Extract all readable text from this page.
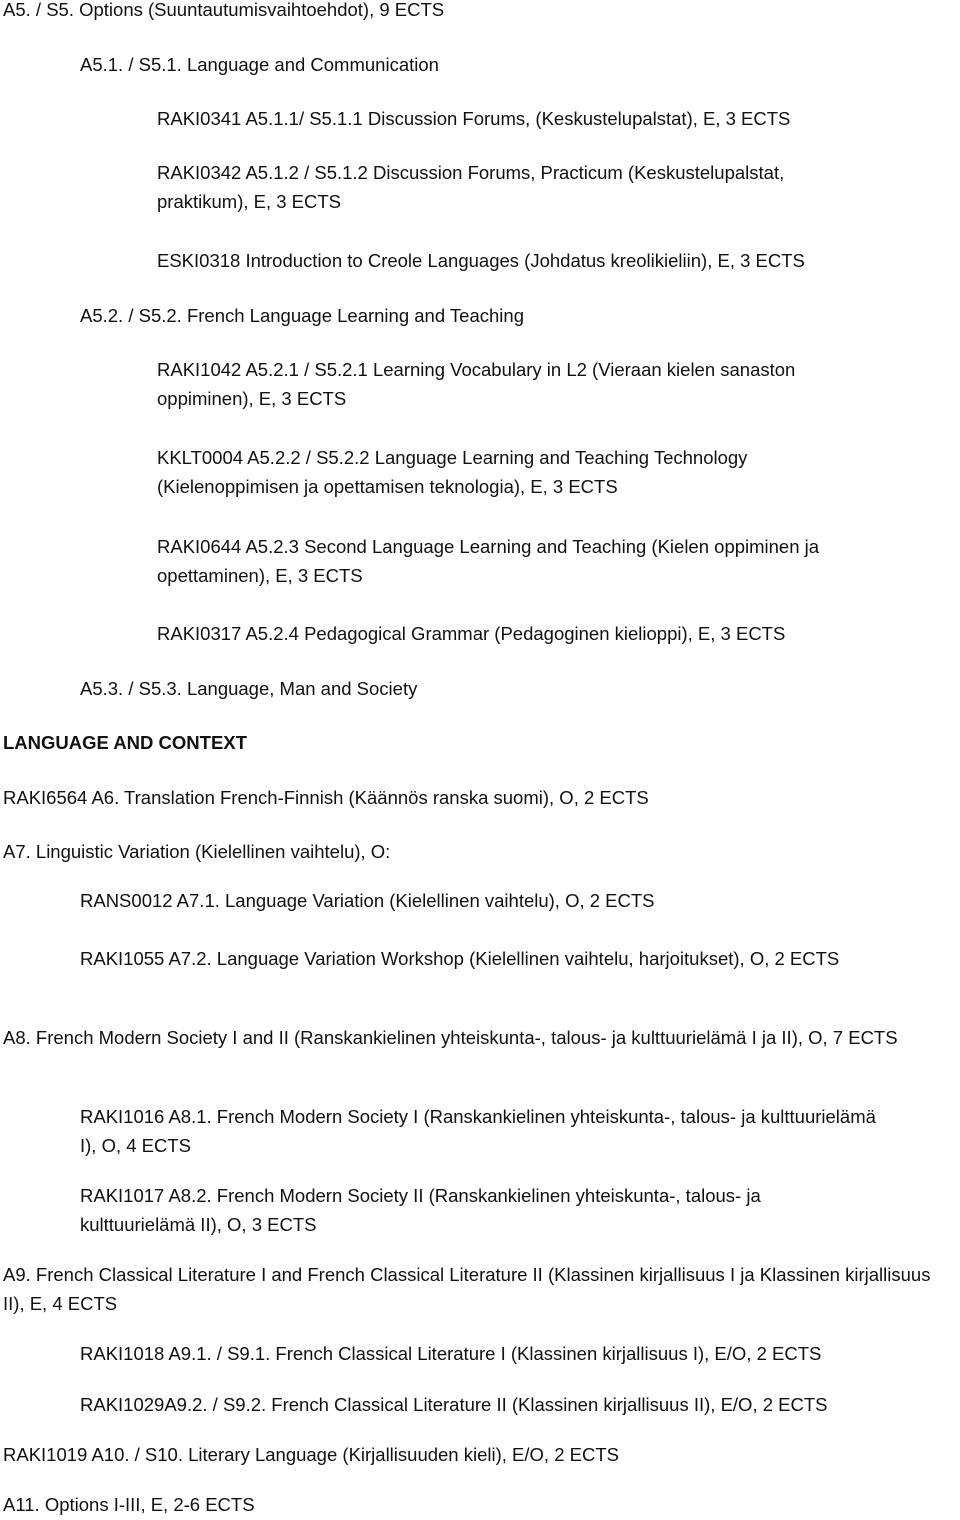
A5. / S5. Options (Suuntautumisvaihtoehdot), 9 ECTS
A5.1. / S5.1. Language and Communication
RAKI0341 A5.1.1/ S5.1.1 Discussion Forums, (Keskustelupalstat), E, 3 ECTS
RAKI0342 A5.1.2 / S5.1.2 Discussion Forums, Practicum (Keskustelupalstat, praktikum), E, 3 ECTS
ESKI0318 Introduction to Creole Languages (Johdatus kreolikieliin), E, 3 ECTS
A5.2. / S5.2. French Language Learning and Teaching
RAKI1042 A5.2.1 / S5.2.1 Learning Vocabulary in L2 (Vieraan kielen sanaston oppiminen), E, 3 ECTS
KKLT0004 A5.2.2 / S5.2.2 Language Learning and Teaching Technology (Kielenoppimisen ja opettamisen teknologia), E, 3 ECTS
RAKI0644 A5.2.3 Second Language Learning and Teaching (Kielen oppiminen ja opettaminen), E, 3 ECTS
RAKI0317 A5.2.4 Pedagogical Grammar (Pedagoginen kielioppi), E, 3 ECTS
A5.3. / S5.3. Language, Man and Society
LANGUAGE AND CONTEXT
RAKI6564 A6. Translation French-Finnish (Käännös ranska suomi), O, 2 ECTS
A7. Linguistic Variation (Kielellinen vaihtelu), O:
RANS0012 A7.1. Language Variation (Kielellinen vaihtelu), O, 2 ECTS
RAKI1055 A7.2. Language Variation Workshop (Kielellinen vaihtelu, harjoitukset), O, 2 ECTS
A8. French Modern Society I and II (Ranskankielinen yhteiskunta-, talous- ja kulttuurielämä I ja II), O, 7 ECTS
RAKI1016 A8.1. French Modern Society I (Ranskankielinen yhteiskunta-, talous- ja kulttuurielämä I), O, 4 ECTS
RAKI1017 A8.2. French Modern Society II (Ranskankielinen yhteiskunta-, talous- ja kulttuurielämä II), O, 3 ECTS
A9. French Classical Literature I and French Classical Literature II (Klassinen kirjallisuus I ja Klassinen kirjallisuus II), E, 4 ECTS
RAKI1018 A9.1. / S9.1. French Classical Literature I (Klassinen kirjallisuus I), E/O, 2 ECTS
RAKI1029A9.2. / S9.2. French Classical Literature II (Klassinen kirjallisuus II), E/O, 2 ECTS
RAKI1019 A10. / S10. Literary Language (Kirjallisuuden kieli), E/O, 2 ECTS
A11. Options I-III, E, 2-6 ECTS
